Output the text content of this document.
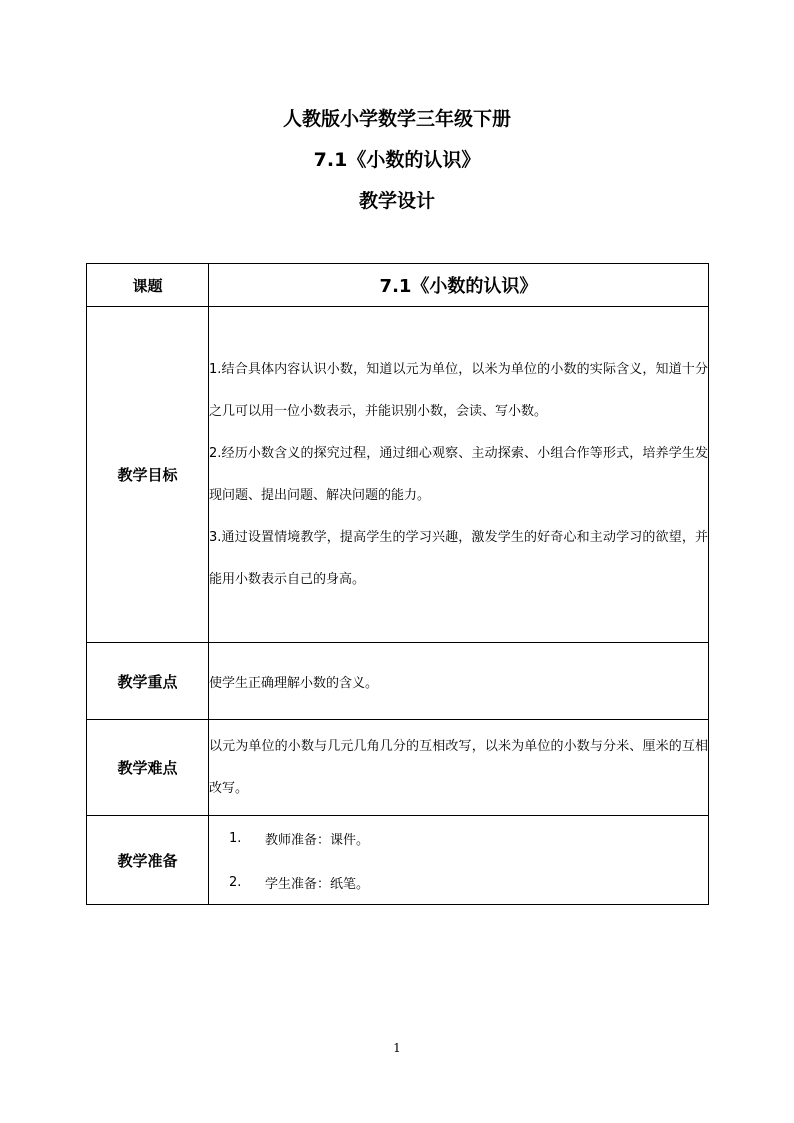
人教版小学数学三年级下册
7.1《小数的认识》
教学设计
课题	7.1《小数的认识》
教学目标	1.结合具体内容认识小数，知道以元为单位，以米为单位的小数的实际含义，知道十分之几可以用一位小数表示，并能识别小数，会读、写小数。
2.经历小数含义的探究过程，通过细心观察、主动探索、小组合作等形式，培养学生发现问题、提出问题、解决问题的能力。
3.通过设置情境教学，提高学生的学习兴趣，激发学生的好奇心和主动学习的欲望，并能用小数表示自己的身高。

教学重点	使学生正确理解小数的含义。
教学难点	以元为单位的小数与几元几角几分的互相改写，以米为单位的小数与分米、厘米的互相改写。

教学准备	1. 教师准备：课件。
2. 学生准备：纸笔。
1
